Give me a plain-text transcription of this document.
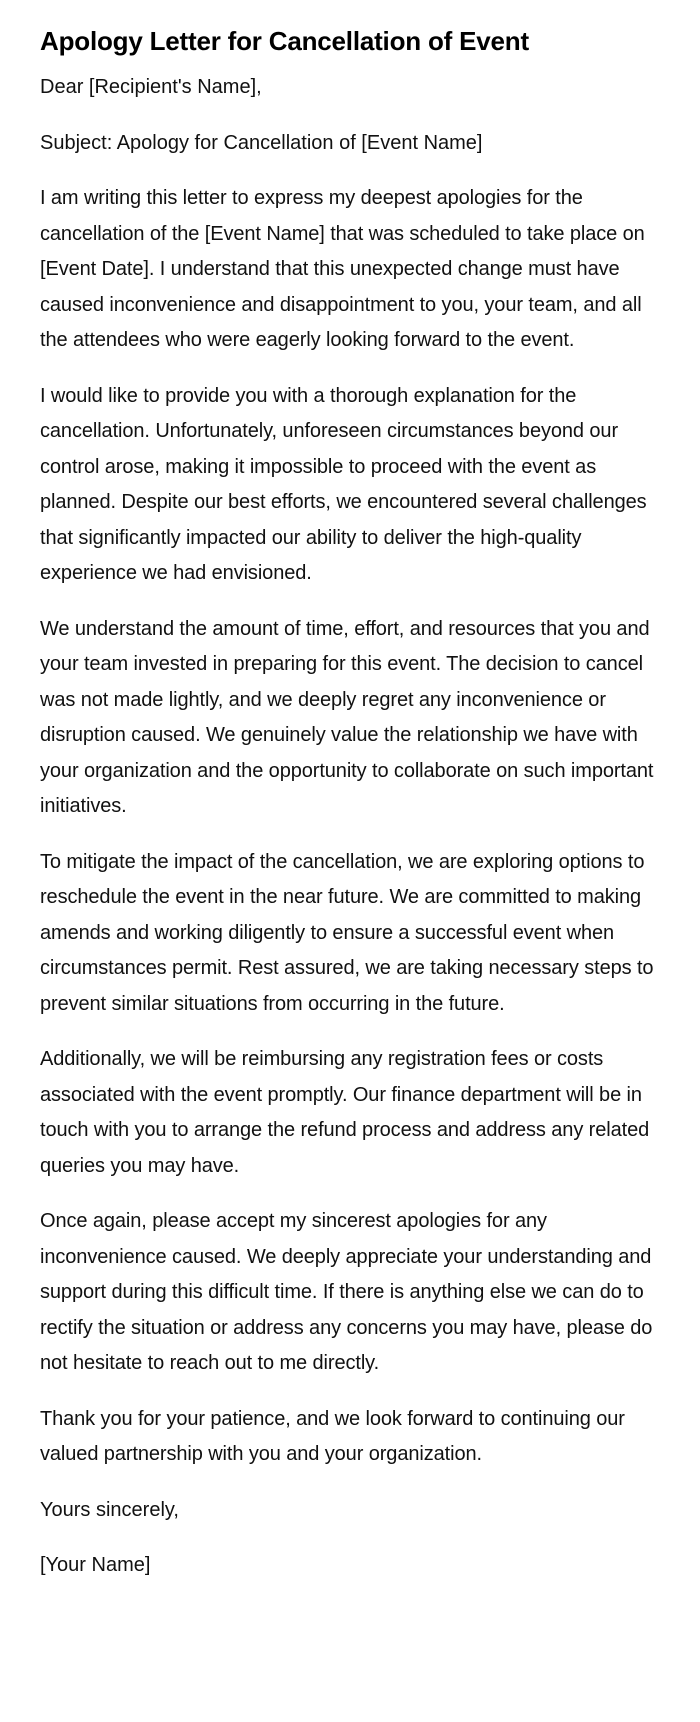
Apology Letter for Cancellation of Event

Dear [Recipient's Name],

Subject: Apology for Cancellation of [Event Name]

I am writing this letter to express my deepest apologies for the cancellation of the [Event Name] that was scheduled to take place on [Event Date]. I understand that this unexpected change must have caused inconvenience and disappointment to you, your team, and all the attendees who were eagerly looking forward to the event.

I would like to provide you with a thorough explanation for the cancellation. Unfortunately, unforeseen circumstances beyond our control arose, making it impossible to proceed with the event as planned. Despite our best efforts, we encountered several challenges that significantly impacted our ability to deliver the high-quality experience we had envisioned.

We understand the amount of time, effort, and resources that you and your team invested in preparing for this event. The decision to cancel was not made lightly, and we deeply regret any inconvenience or disruption caused. We genuinely value the relationship we have with your organization and the opportunity to collaborate on such important initiatives.

To mitigate the impact of the cancellation, we are exploring options to reschedule the event in the near future. We are committed to making amends and working diligently to ensure a successful event when circumstances permit. Rest assured, we are taking necessary steps to prevent similar situations from occurring in the future.

Additionally, we will be reimbursing any registration fees or costs associated with the event promptly. Our finance department will be in touch with you to arrange the refund process and address any related queries you may have.

Once again, please accept my sincerest apologies for any inconvenience caused. We deeply appreciate your understanding and support during this difficult time. If there is anything else we can do to rectify the situation or address any concerns you may have, please do not hesitate to reach out to me directly.

Thank you for your patience, and we look forward to continuing our valued partnership with you and your organization.

Yours sincerely,

[Your Name]
